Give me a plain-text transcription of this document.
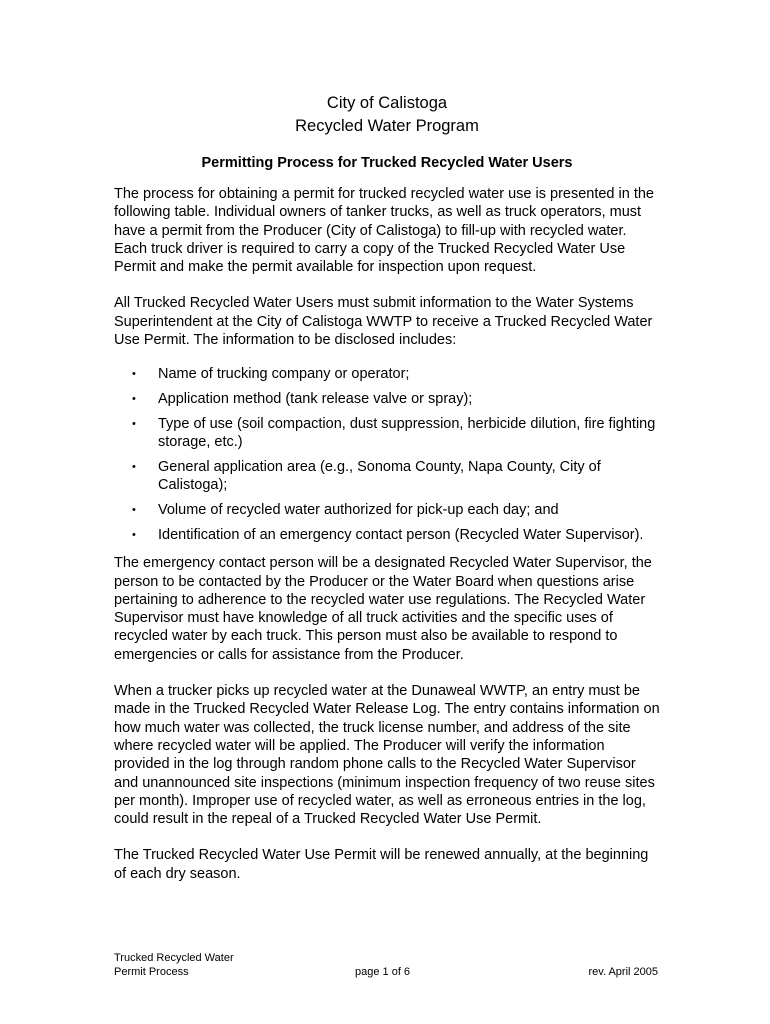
City of Calistoga

Recycled Water Program

Permitting Process for Trucked Recycled Water Users

The process for obtaining a permit for trucked recycled water use is presented in the following table. Individual owners of tanker trucks, as well as truck operators, must have a permit from the Producer (City of Calistoga) to fill-up with recycled water. Each truck driver is required to carry a copy of the Trucked Recycled Water Use Permit and make the permit available for inspection upon request.

All Trucked Recycled Water Users must submit information to the Water Systems Superintendent at the City of Calistoga WWTP to receive a Trucked Recycled Water Use Permit. The information to be disclosed includes:

• Name of trucking company or operator;
• Application method (tank release valve or spray);
• Type of use (soil compaction, dust suppression, herbicide dilution, fire fighting storage, etc.)
• General application area (e.g., Sonoma County, Napa County, City of Calistoga);
• Volume of recycled water authorized for pick-up each day; and
• Identification of an emergency contact person (Recycled Water Supervisor).

The emergency contact person will be a designated Recycled Water Supervisor, the person to be contacted by the Producer or the Water Board when questions arise pertaining to adherence to the recycled water use regulations. The Recycled Water Supervisor must have knowledge of all truck activities and the specific uses of recycled water by each truck. This person must also be available to respond to emergencies or calls for assistance from the Producer.

When a trucker picks up recycled water at the Dunaweal WWTP, an entry must be made in the Trucked Recycled Water Release Log. The entry contains information on how much water was collected, the truck license number, and address of the site where recycled water will be applied. The Producer will verify the information provided in the log through random phone calls to the Recycled Water Supervisor and unannounced site inspections (minimum inspection frequency of two reuse sites per month). Improper use of recycled water, as well as erroneous entries in the log, could result in the repeal of a Trucked Recycled Water Use Permit.

The Trucked Recycled Water Use Permit will be renewed annually, at the beginning of each dry season.

Trucked Recycled Water
Permit Process	page 1 of 6	rev. April 2005
